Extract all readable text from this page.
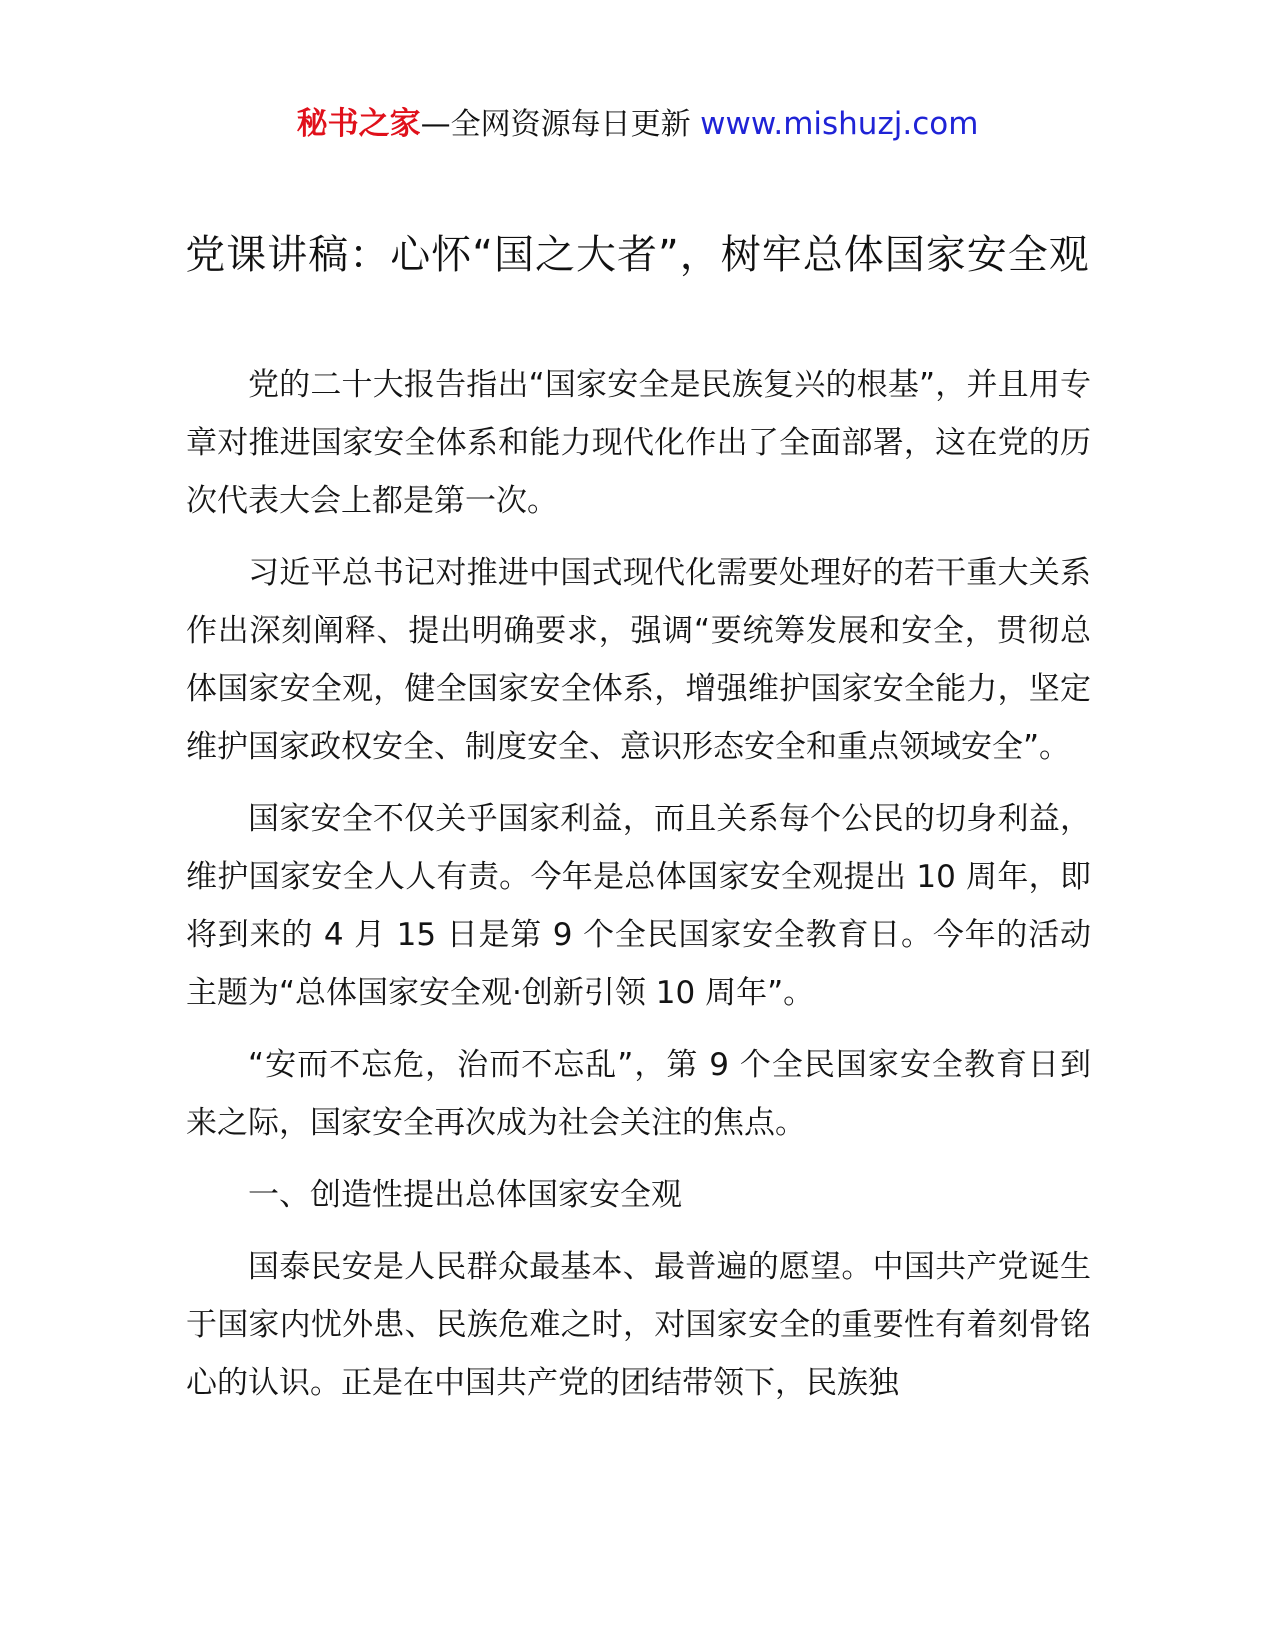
秘书之家—全网资源每日更新 www.mishuzj.com
党课讲稿：心怀“国之大者”，树牢总体国家安全观

党的二十大报告指出“国家安全是民族复兴的根基”，并且用专章对推进国家安全体系和能力现代化作出了全面部署，这在党的历次代表大会上都是第一次。

习近平总书记对推进中国式现代化需要处理好的若干重大关系作出深刻阐释、提出明确要求，强调“要统筹发展和安全，贯彻总体国家安全观，健全国家安全体系，增强维护国家安全能力，坚定维护国家政权安全、制度安全、意识形态安全和重点领域安全”。

国家安全不仅关乎国家利益，而且关系每个公民的切身利益，维护国家安全人人有责。今年是总体国家安全观提出 10 周年，即将到来的 4 月 15 日是第 9 个全民国家安全教育日。今年的活动主题为“总体国家安全观·创新引领 10 周年”。

“安而不忘危，治而不忘乱”，第 9 个全民国家安全教育日到来之际，国家安全再次成为社会关注的焦点。

一、创造性提出总体国家安全观

国泰民安是人民群众最基本、最普遍的愿望。中国共产党诞生于国家内忧外患、民族危难之时，对国家安全的重要性有着刻骨铭心的认识。正是在中国共产党的团结带领下，民族独
